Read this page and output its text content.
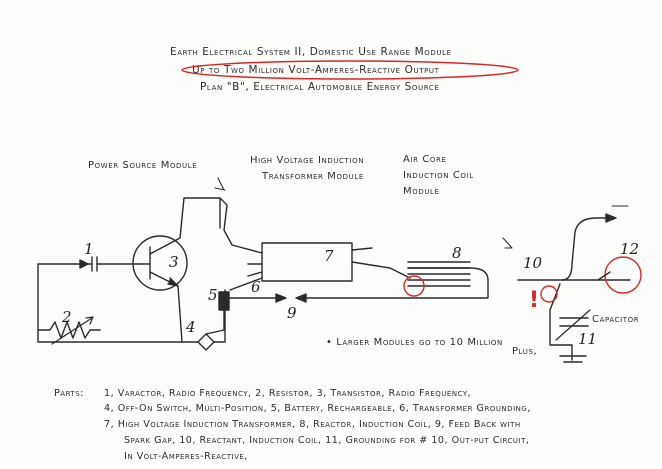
Earth Electrical System II, Domestic Use Range Module
Up to Two Million Volt-Amperes-Reactive Output
Plan "B", Electrical Automobile Energy Source
!
Power Source Module	High Voltage Induction
Transformer Module
Air Core
Induction Coil
Module
Capacitor
• Larger Modules go to 10 Million
Plus,
1
2
3
4
5 6
7	8
9
10
11
12
Parts: 1, Varactor, Radio Frequency, 2, Resistor, 3, Transistor, Radio Frequency,
4, Off-On Switch, Multi-Position, 5, Battery, Rechargeable, 6, Transformer Grounding,
7, High Voltage Induction Transformer, 8, Reactor, Induction Coil, 9, Feed Back with
Spark Gap, 10, Reactant, Induction Coil, 11, Grounding for # 10, Out-put Circuit,
In Volt-Amperes-Reactive,
